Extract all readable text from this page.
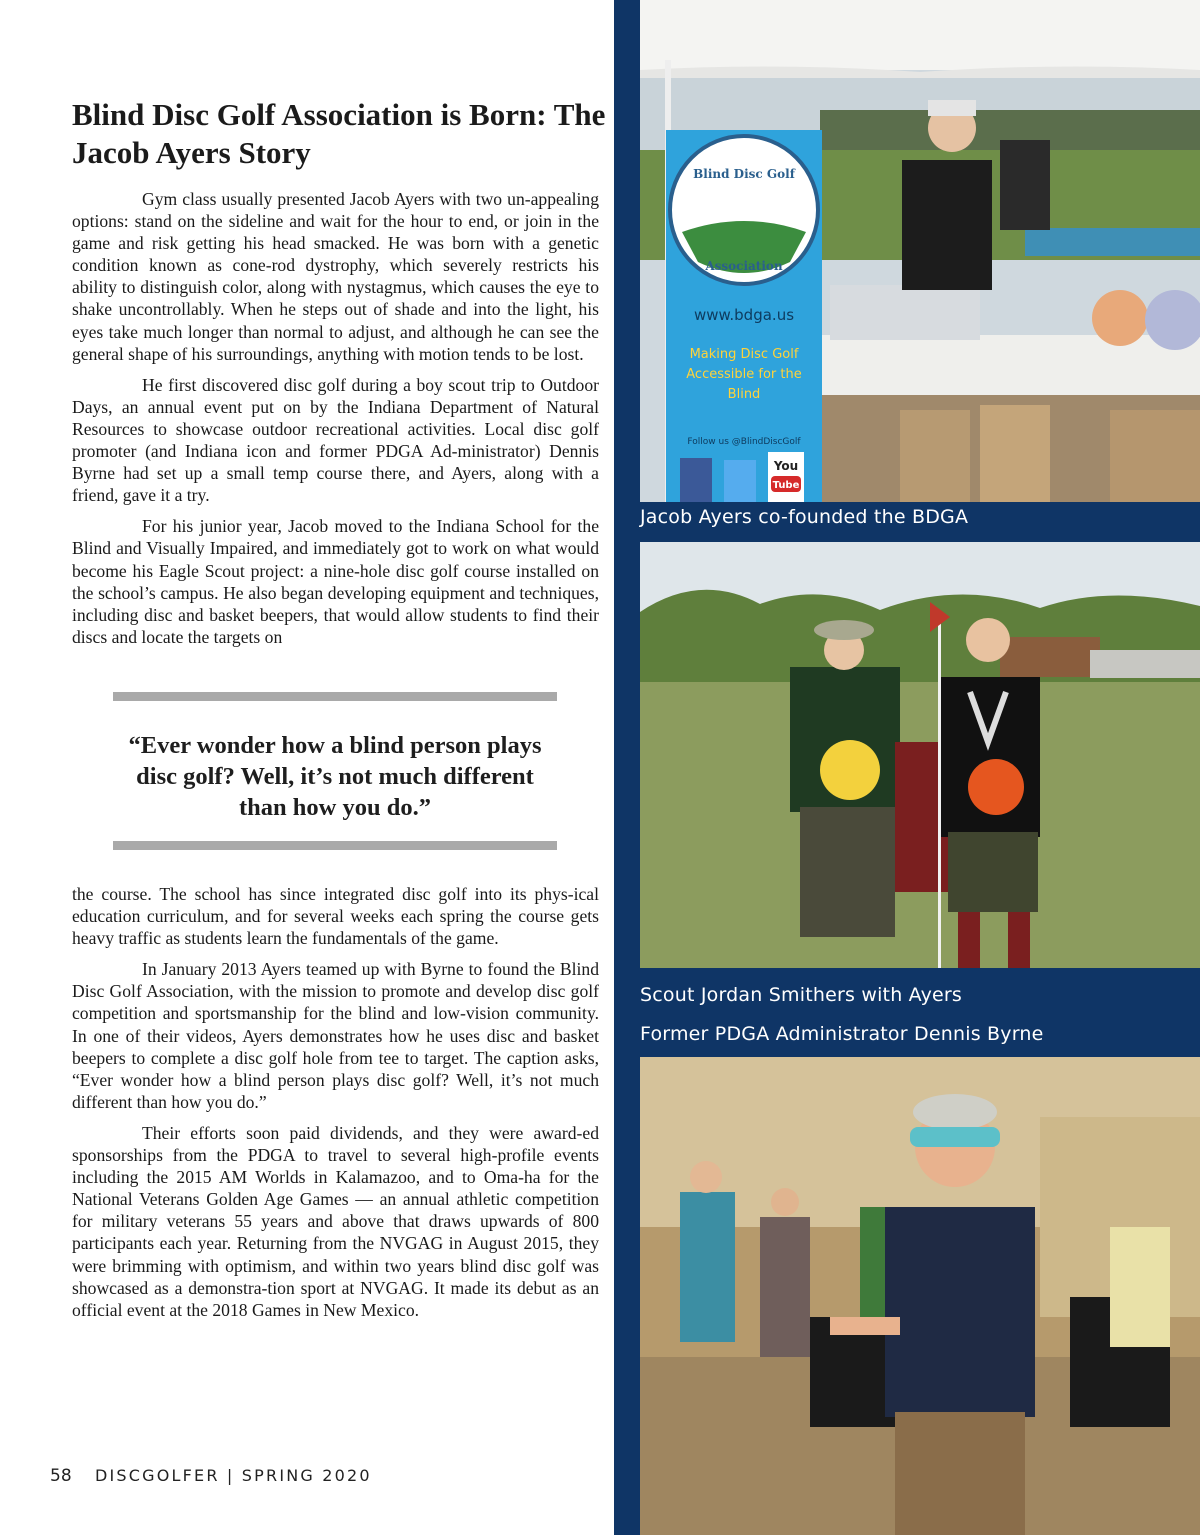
Blind Disc Golf Association is Born: The Jacob Ayers Story

Gym class usually presented Jacob Ayers with two un-appealing options: stand on the sideline and wait for the hour to end, or join in the game and risk getting his head smacked. He was born with a genetic condition known as cone-rod dystrophy, which severely restricts his ability to distinguish color, along with nystagmus, which causes the eye to shake uncontrollably. When he steps out of shade and into the light, his eyes take much longer than normal to adjust, and although he can see the general shape of his surroundings, anything with motion tends to be lost.

He first discovered disc golf during a boy scout trip to Outdoor Days, an annual event put on by the Indiana Department of Natural Resources to showcase outdoor recreational activities. Local disc golf promoter (and Indiana icon and former PDGA Ad-ministrator) Dennis Byrne had set up a small temp course there, and Ayers, along with a friend, gave it a try.

For his junior year, Jacob moved to the Indiana School for the Blind and Visually Impaired, and immediately got to work on what would become his Eagle Scout project: a nine-hole disc golf course installed on the school’s campus. He also began developing equipment and techniques, including disc and basket beepers, that would allow students to find their discs and locate the targets on

“Ever wonder how a blind person plays disc golf? Well, it’s not much different than how you do.”

the course. The school has since integrated disc golf into its phys-ical education curriculum, and for several weeks each spring the course gets heavy traffic as students learn the fundamentals of the game.

In January 2013 Ayers teamed up with Byrne to found the Blind Disc Golf Association, with the mission to promote and develop disc golf competition and sportsmanship for the blind and low-vision community. In one of their videos, Ayers demonstrates how he uses disc and basket beepers to complete a disc golf hole from tee to target. The caption asks, “Ever wonder how a blind person plays disc golf? Well, it’s not much different than how you do.”

Their efforts soon paid dividends, and they were award-ed sponsorships from the PDGA to travel to several high-profile events including the 2015 AM Worlds in Kalamazoo, and to Oma-ha for the National Veterans Golden Age Games — an annual athletic competition for military veterans 55 years and above that draws upwards of 800 participants each year. Returning from the NVGAG in August 2015, they were brimming with optimism, and within two years blind disc golf was showcased as a demonstra-tion sport at NVGAG. It made its debut as an official event at the 2018 Games in New Mexico.

58 DISCGOLFER | SPRING 2020
Blind Disc Golf
Association
www.bdga.us
Making Disc Golf
Accessible for the
Blind
Follow us @BlindDiscGolf
You
Tube
Jacob Ayers co-founded the BDGA
Scout Jordan Smithers with Ayers
Former PDGA Administrator Dennis Byrne
